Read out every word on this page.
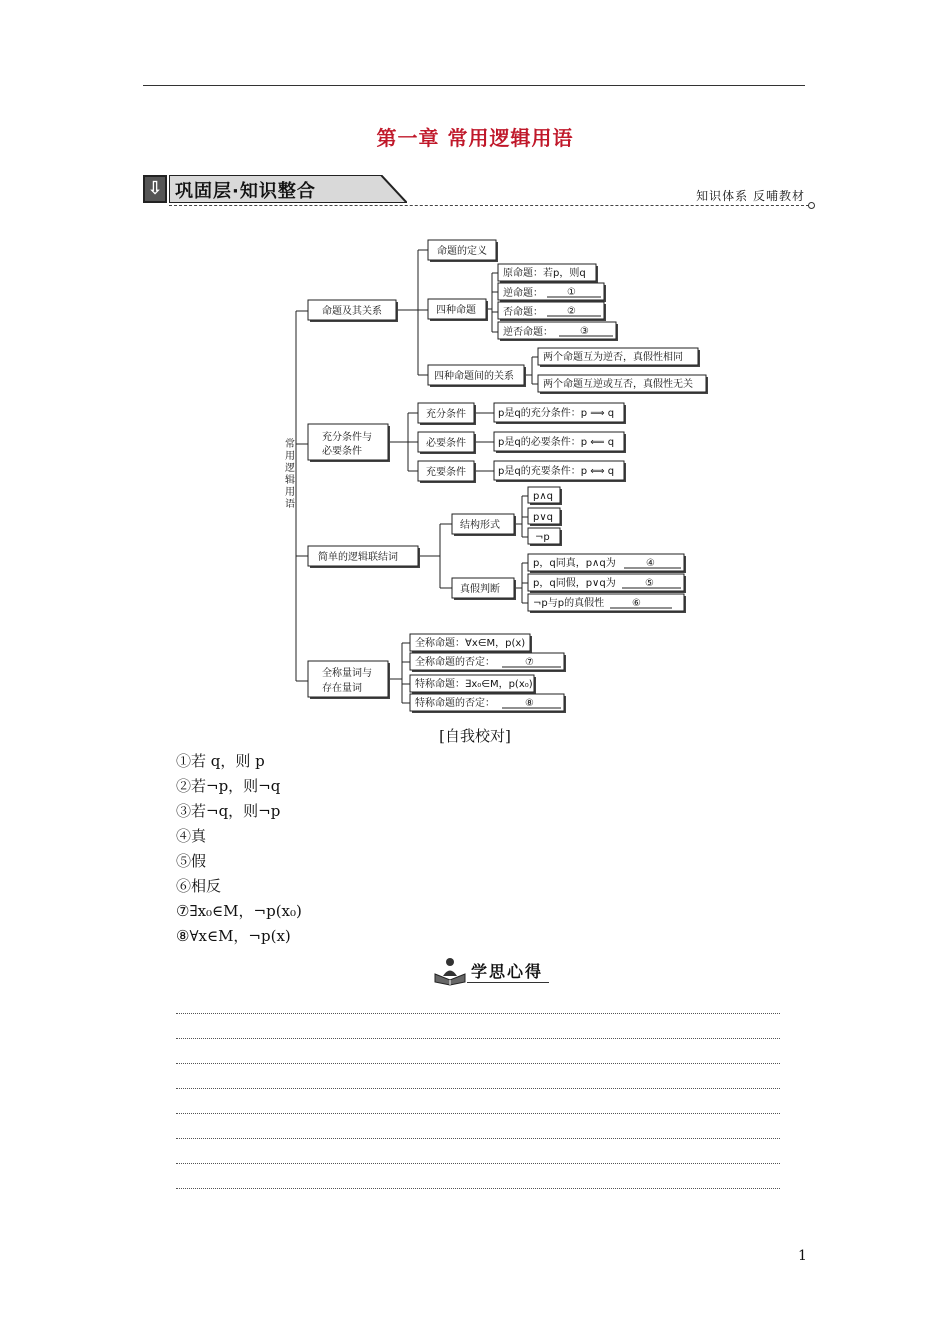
第一章 常用逻辑用语
⇩ 巩固层·知识整合	知识体系 反哺教材
常
用
逻
辑
用
语
命题及其关系
命题的定义
四种命题
原命题：若p，则q
逆命题： ①
否命题： ②
逆否命题：	③
四种命题间的关系
两个命题互为逆否，真假性相同
两个命题互逆或互否，真假性无关
充分条件与
必要条件
充分条件	p是q的充分条件：p ⟹ q
必要条件	p是q的必要条件：p ⟸ q
充要条件	p是q的充要条件：p ⟺ q
简单的逻辑联结词
结构形式
p∧q
p∨q
¬p
真假判断
p，q同真，p∧q为	④
p，q同假，p∨q为	⑤
¬p与p的真假性	⑥
全称量词与
存在量词
全称命题：∀x∈M，p(x)
全称命题的否定：	⑦
特称命题：∃x₀∈M，p(x₀)
特称命题的否定：	⑧
[自我校对]
①若 q，则 p
②若¬p，则¬q
③若¬q，则¬p
④真
⑤假
⑥相反
⑦∃x₀∈M，¬p(x₀)
⑧∀x∈M，¬p(x)
学思心得
1
